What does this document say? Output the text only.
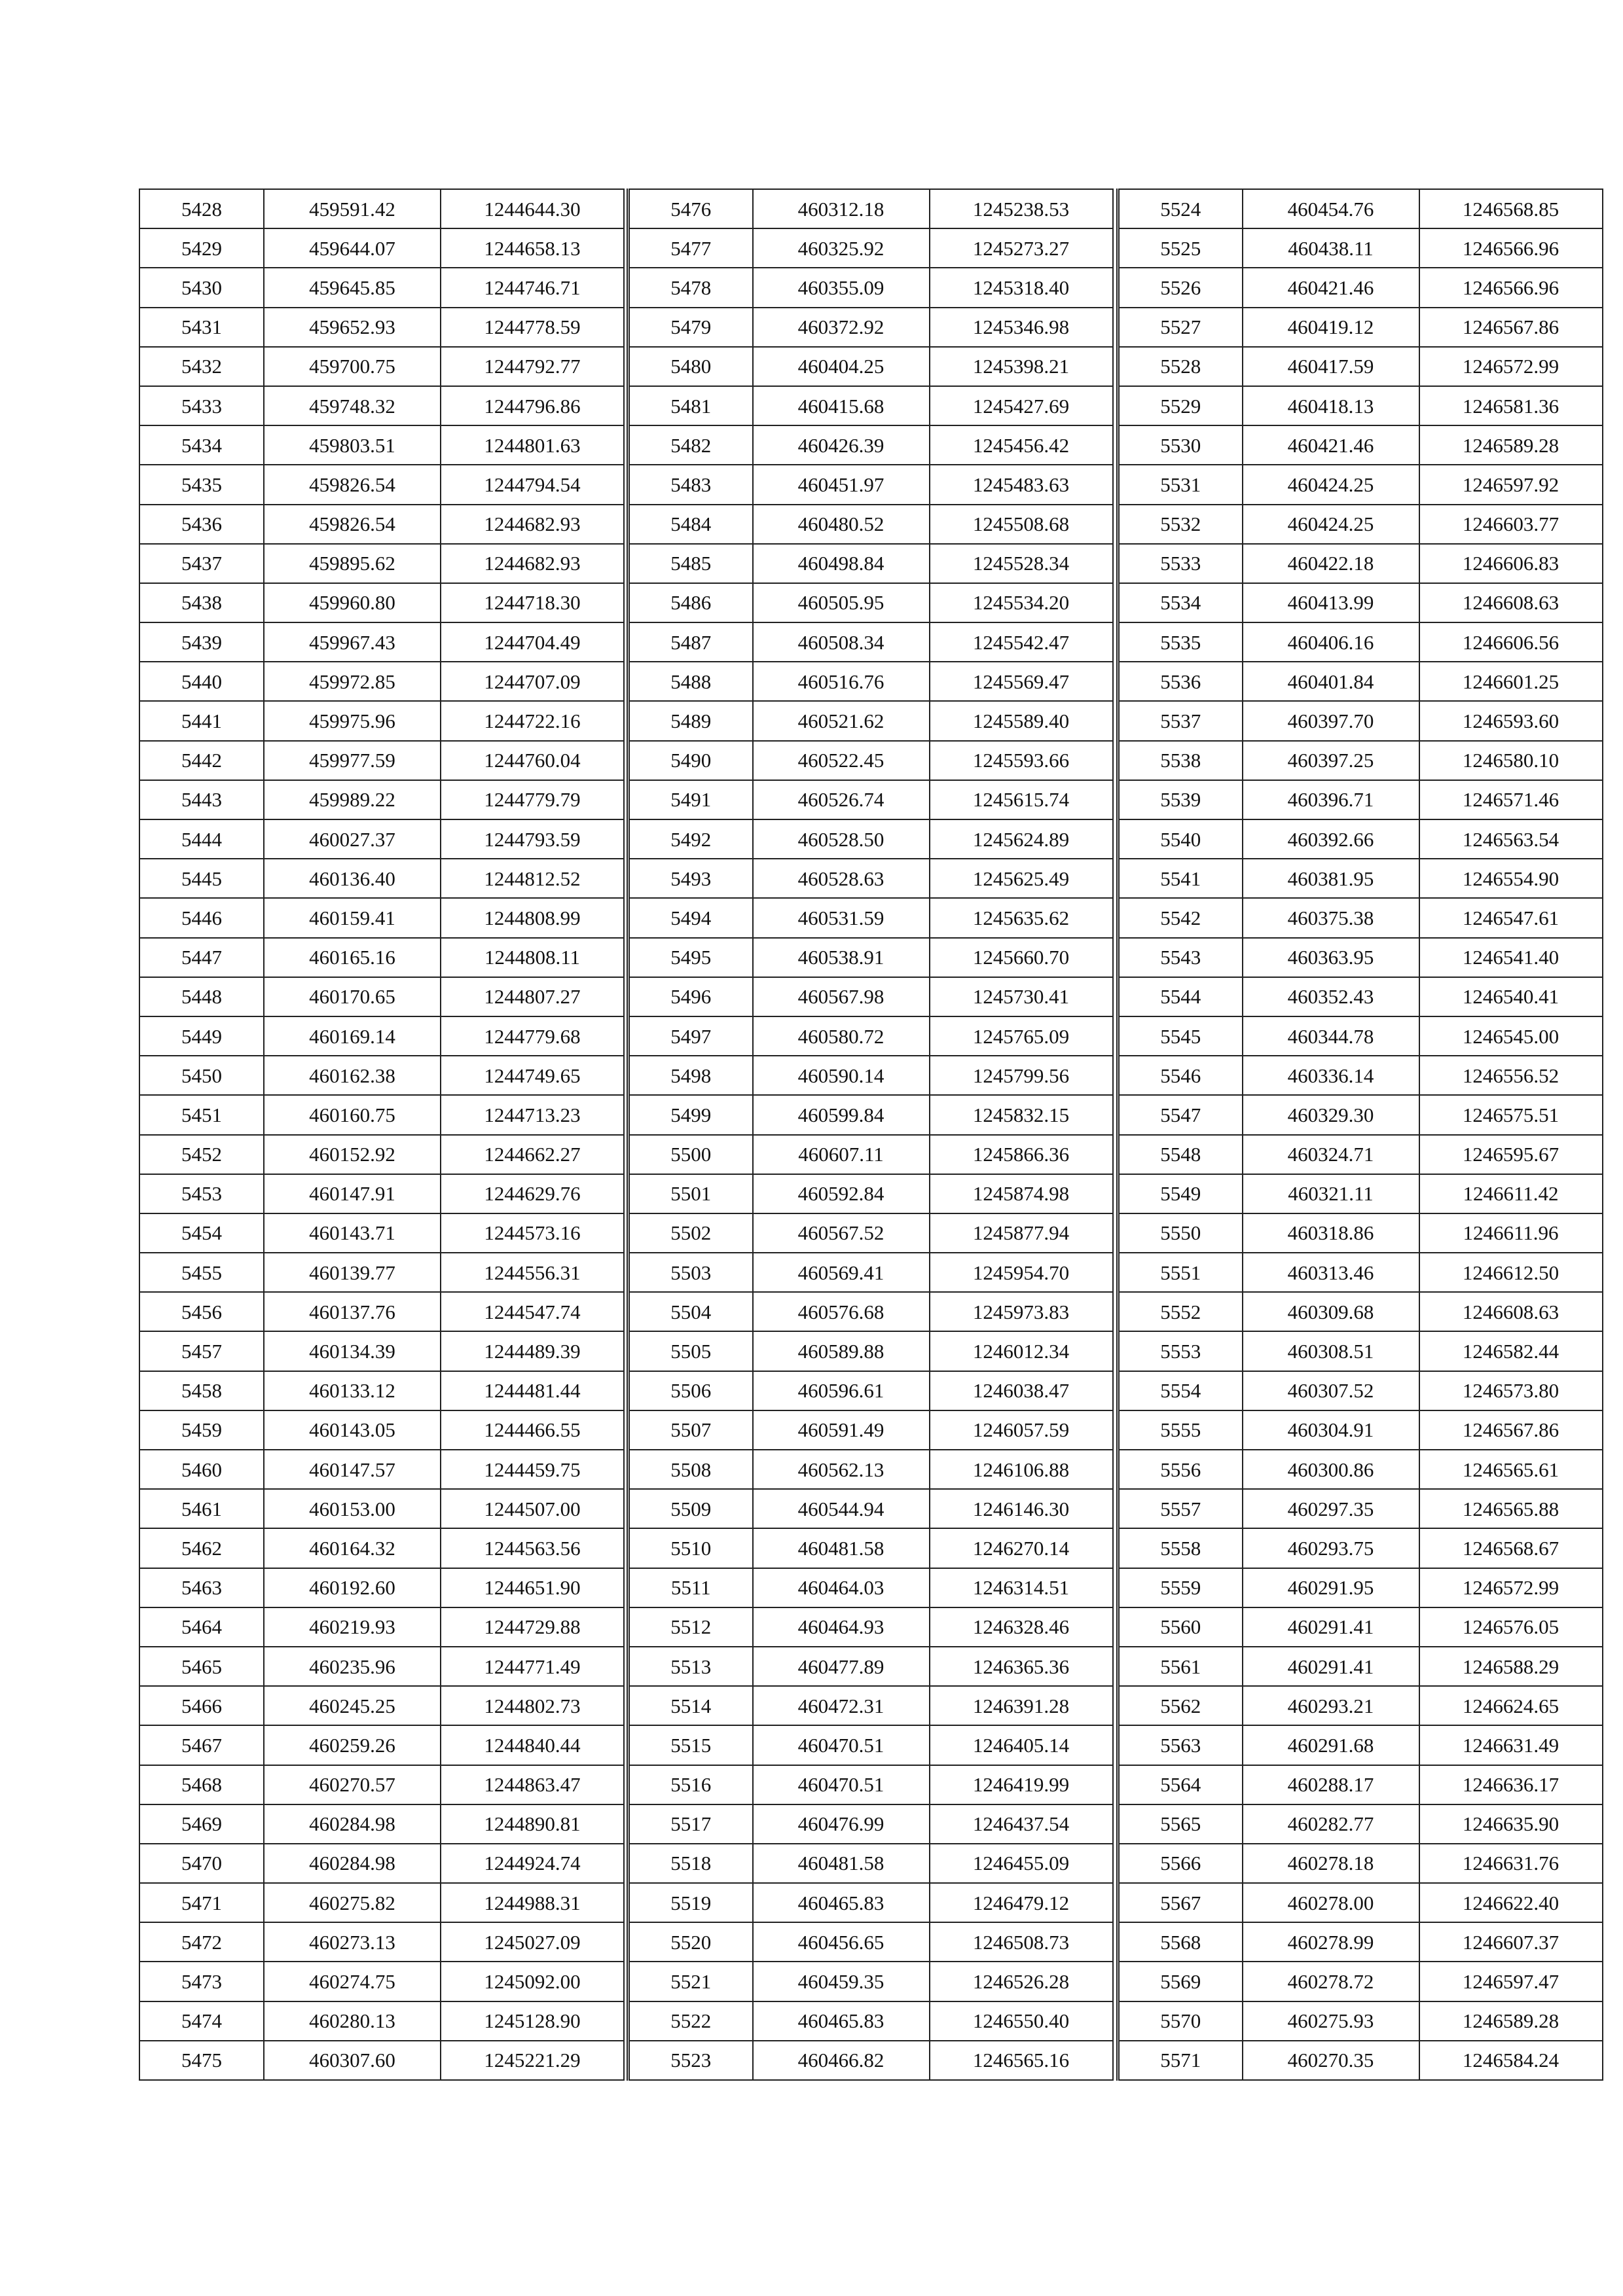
5428	459591.42	1244644.30
5429	459644.07	1244658.13
5430	459645.85	1244746.71
5431	459652.93	1244778.59
5432	459700.75	1244792.77
5433	459748.32	1244796.86
5434	459803.51	1244801.63
5435	459826.54	1244794.54
5436	459826.54	1244682.93
5437	459895.62	1244682.93
5438	459960.80	1244718.30
5439	459967.43	1244704.49
5440	459972.85	1244707.09
5441	459975.96	1244722.16
5442	459977.59	1244760.04
5443	459989.22	1244779.79
5444	460027.37	1244793.59
5445	460136.40	1244812.52
5446	460159.41	1244808.99
5447	460165.16	1244808.11
5448	460170.65	1244807.27
5449	460169.14	1244779.68
5450	460162.38	1244749.65
5451	460160.75	1244713.23
5452	460152.92	1244662.27
5453	460147.91	1244629.76
5454	460143.71	1244573.16
5455	460139.77	1244556.31
5456	460137.76	1244547.74
5457	460134.39	1244489.39
5458	460133.12	1244481.44
5459	460143.05	1244466.55
5460	460147.57	1244459.75
5461	460153.00	1244507.00
5462	460164.32	1244563.56
5463	460192.60	1244651.90
5464	460219.93	1244729.88
5465	460235.96	1244771.49
5466	460245.25	1244802.73
5467	460259.26	1244840.44
5468	460270.57	1244863.47
5469	460284.98	1244890.81
5470	460284.98	1244924.74
5471	460275.82	1244988.31
5472	460273.13	1245027.09
5473	460274.75	1245092.00
5474	460280.13	1245128.90
5475	460307.60	1245221.29
5476	460312.18	1245238.53
5477	460325.92	1245273.27
5478	460355.09	1245318.40
5479	460372.92	1245346.98
5480	460404.25	1245398.21
5481	460415.68	1245427.69
5482	460426.39	1245456.42
5483	460451.97	1245483.63
5484	460480.52	1245508.68
5485	460498.84	1245528.34
5486	460505.95	1245534.20
5487	460508.34	1245542.47
5488	460516.76	1245569.47
5489	460521.62	1245589.40
5490	460522.45	1245593.66
5491	460526.74	1245615.74
5492	460528.50	1245624.89
5493	460528.63	1245625.49
5494	460531.59	1245635.62
5495	460538.91	1245660.70
5496	460567.98	1245730.41
5497	460580.72	1245765.09
5498	460590.14	1245799.56
5499	460599.84	1245832.15
5500	460607.11	1245866.36
5501	460592.84	1245874.98
5502	460567.52	1245877.94
5503	460569.41	1245954.70
5504	460576.68	1245973.83
5505	460589.88	1246012.34
5506	460596.61	1246038.47
5507	460591.49	1246057.59
5508	460562.13	1246106.88
5509	460544.94	1246146.30
5510	460481.58	1246270.14
5511	460464.03	1246314.51
5512	460464.93	1246328.46
5513	460477.89	1246365.36
5514	460472.31	1246391.28
5515	460470.51	1246405.14
5516	460470.51	1246419.99
5517	460476.99	1246437.54
5518	460481.58	1246455.09
5519	460465.83	1246479.12
5520	460456.65	1246508.73
5521	460459.35	1246526.28
5522	460465.83	1246550.40
5523	460466.82	1246565.16
5524	460454.76	1246568.85
5525	460438.11	1246566.96
5526	460421.46	1246566.96
5527	460419.12	1246567.86
5528	460417.59	1246572.99
5529	460418.13	1246581.36
5530	460421.46	1246589.28
5531	460424.25	1246597.92
5532	460424.25	1246603.77
5533	460422.18	1246606.83
5534	460413.99	1246608.63
5535	460406.16	1246606.56
5536	460401.84	1246601.25
5537	460397.70	1246593.60
5538	460397.25	1246580.10
5539	460396.71	1246571.46
5540	460392.66	1246563.54
5541	460381.95	1246554.90
5542	460375.38	1246547.61
5543	460363.95	1246541.40
5544	460352.43	1246540.41
5545	460344.78	1246545.00
5546	460336.14	1246556.52
5547	460329.30	1246575.51
5548	460324.71	1246595.67
5549	460321.11	1246611.42
5550	460318.86	1246611.96
5551	460313.46	1246612.50
5552	460309.68	1246608.63
5553	460308.51	1246582.44
5554	460307.52	1246573.80
5555	460304.91	1246567.86
5556	460300.86	1246565.61
5557	460297.35	1246565.88
5558	460293.75	1246568.67
5559	460291.95	1246572.99
5560	460291.41	1246576.05
5561	460291.41	1246588.29
5562	460293.21	1246624.65
5563	460291.68	1246631.49
5564	460288.17	1246636.17
5565	460282.77	1246635.90
5566	460278.18	1246631.76
5567	460278.00	1246622.40
5568	460278.99	1246607.37
5569	460278.72	1246597.47
5570	460275.93	1246589.28
5571	460270.35	1246584.24
